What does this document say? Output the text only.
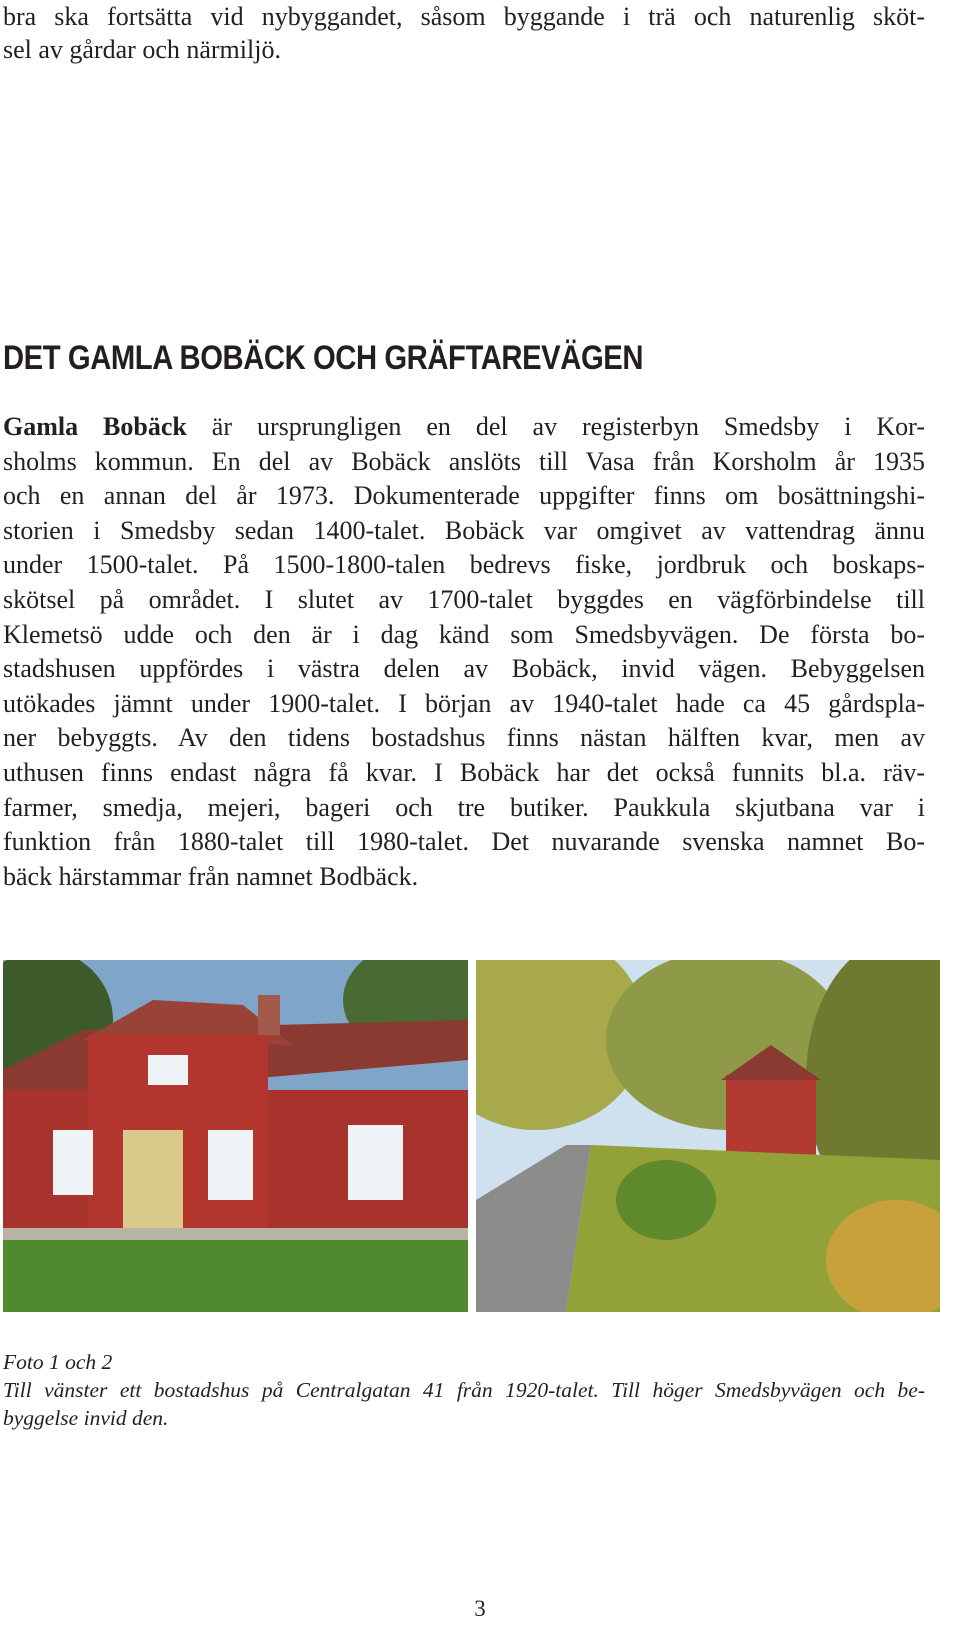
bra ska fortsätta vid nybyggandet, såsom byggande i trä och naturenlig sköt-
sel av gårdar och närmiljö.
DET GAMLA BOBÄCK OCH GRÄFTAREVÄGEN
Gamla Bobäck är ursprungligen en del av registerbyn Smedsby i Kor-
sholms kommun. En del av Bobäck anslöts till Vasa från Korsholm år 1935
och en annan del år 1973. Dokumenterade uppgifter finns om bosättningshi-
storien i Smedsby sedan 1400-talet. Bobäck var omgivet av vattendrag ännu
under 1500-talet. På 1500-1800-talen bedrevs fiske, jordbruk och boskaps-
skötsel på området. I slutet av 1700-talet byggdes en vägförbindelse till
Klemetsö udde och den är i dag känd som Smedsbyvägen. De första bo-
stadshusen uppfördes i västra delen av Bobäck, invid vägen. Bebyggelsen
utökades jämnt under 1900-talet. I början av 1940-talet hade ca 45 gårdspla-
ner bebyggts. Av den tidens bostadshus finns nästan hälften kvar, men av
uthusen finns endast några få kvar. I Bobäck har det också funnits bl.a. räv-
farmer, smedja, mejeri, bageri och tre butiker. Paukkula skjutbana var i
funktion från 1880-talet till 1980-talet. Det nuvarande svenska namnet Bo-
bäck härstammar från namnet Bodbäck.
Foto 1 och 2
Till vänster ett bostadshus på Centralgatan 41 från 1920-talet. Till höger Smedsbyvägen och be-
byggelse invid den.
3
